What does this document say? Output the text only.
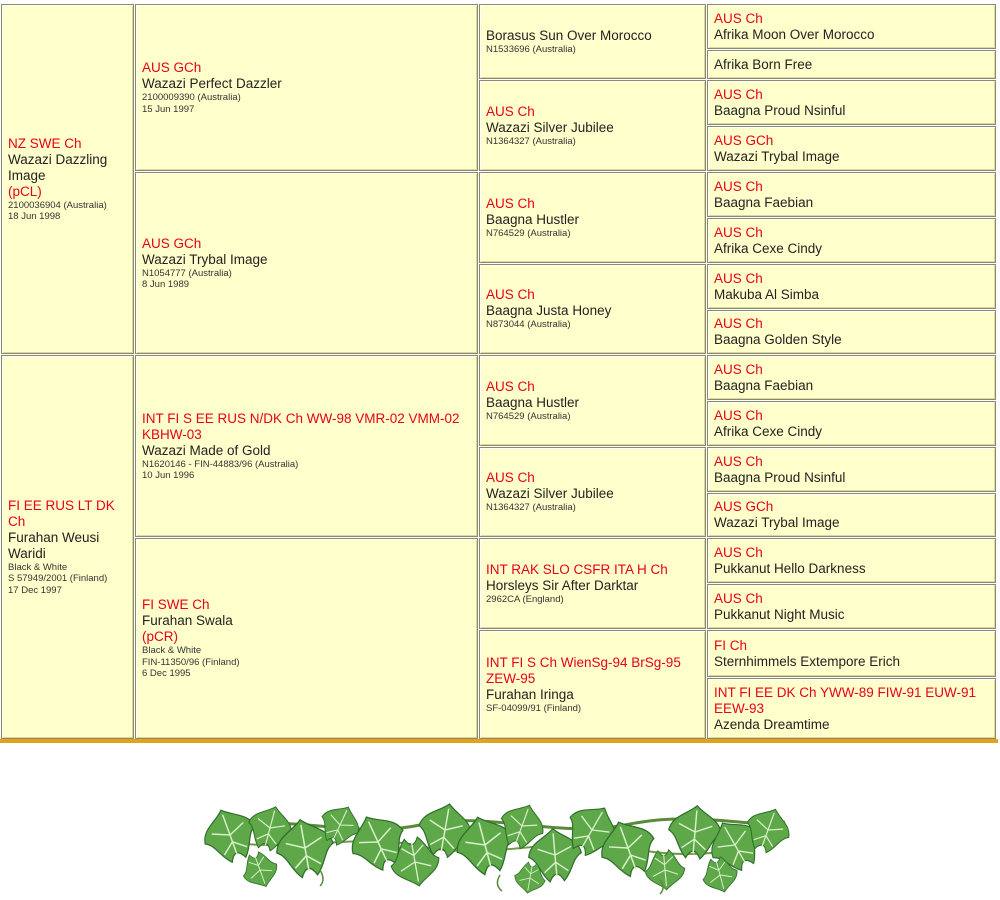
NZ SWE Ch
Wazazi Dazzling Image
(pCL)
2100036904 (Australia)
18 Jun 1998
FI EE RUS LT DK Ch
Furahan Weusi Waridi
Black & White
S 57949/2001 (Finland)
17 Dec 1997
AUS GCh
Wazazi Perfect Dazzler
2100009390 (Australia)
15 Jun 1997
AUS GCh
Wazazi Trybal Image
N1054777 (Australia)
8 Jun 1989
INT FI S EE RUS N/DK Ch WW-98 VMR-02 VMM-02 KBHW-03
Wazazi Made of Gold
N1620146 - FIN-44883/96 (Australia)
10 Jun 1996
FI SWE Ch
Furahan Swala
(pCR)
Black & White
FIN-11350/96 (Finland)
6 Dec 1995
Borasus Sun Over Morocco
N1533696 (Australia)
AUS Ch
Wazazi Silver Jubilee
N1364327 (Australia)
AUS Ch
Baagna Hustler
N764529 (Australia)
AUS Ch
Baagna Justa Honey
N873044 (Australia)
AUS Ch
Baagna Hustler
N764529 (Australia)
AUS Ch
Wazazi Silver Jubilee
N1364327 (Australia)
INT RAK SLO CSFR ITA H Ch
Horsleys Sir After Darktar
2962CA (England)
INT FI S Ch WienSg-94 BrSg-95 ZEW-95
Furahan Iringa
SF-04099/91 (Finland)
AUS Ch
Afrika Moon Over Morocco
Afrika Born Free
AUS Ch
Baagna Proud Nsinful
AUS GCh
Wazazi Trybal Image
AUS Ch
Baagna Faebian
AUS Ch
Afrika Cexe Cindy
AUS Ch
Makuba Al Simba
AUS Ch
Baagna Golden Style
AUS Ch
Baagna Faebian
AUS Ch
Afrika Cexe Cindy
AUS Ch
Baagna Proud Nsinful
AUS GCh
Wazazi Trybal Image
AUS Ch
Pukkanut Hello Darkness
AUS Ch
Pukkanut Night Music
FI Ch
Sternhimmels Extempore Erich
INT FI EE DK Ch YWW-89 FIW-91 EUW-91 EEW-93
Azenda Dreamtime
